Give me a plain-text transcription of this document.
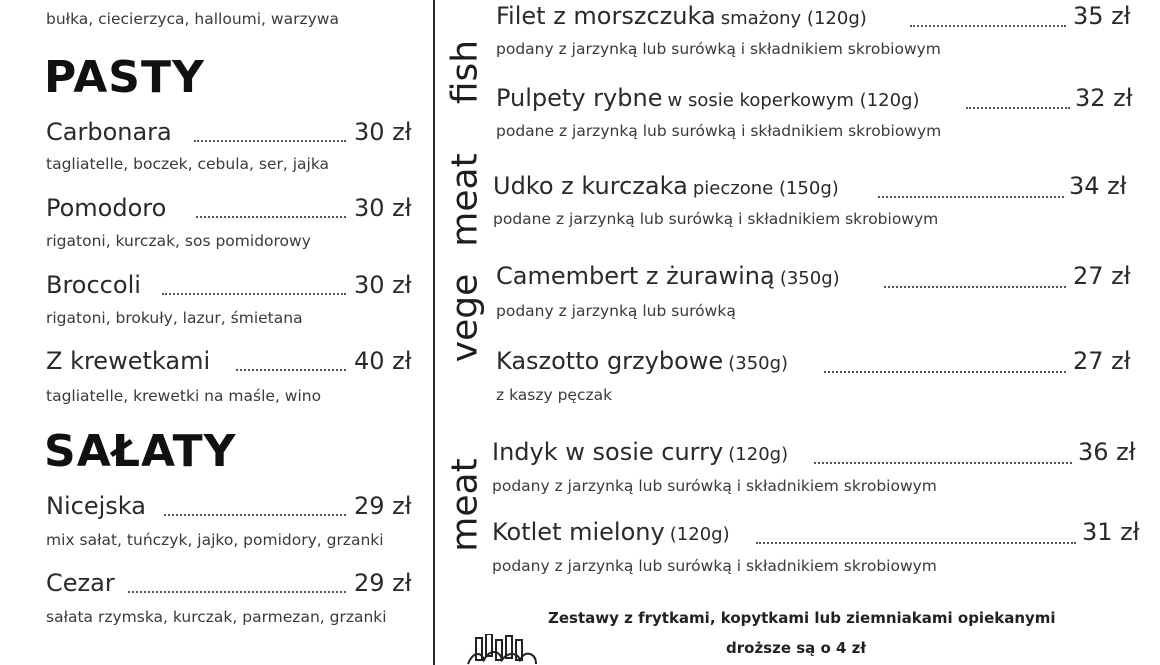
bułka, ciecierzyca, halloumi, warzywa
PASTY
Carbonara	30 zł
tagliatelle, boczek, cebula, ser, jajka
Pomodoro	30 zł
rigatoni, kurczak, sos pomidorowy
Broccoli	30 zł
rigatoni, brokuły, lazur, śmietana
Z krewetkami	40 zł
tagliatelle, krewetki na maśle, wino
SAŁATY
Nicejska	29 zł
mix sałat, tuńczyk, jajko, pomidory, grzanki
Cezar	29 zł
sałata rzymska, kurczak, parmezan, grzanki
fish
meat
vege
meat
Filet z morszczuka smażony (120g)	35 zł
podany z jarzynką lub surówką i składnikiem skrobiowym
Pulpety rybne w sosie koperkowym (120g)	32 zł
podane z jarzynką lub surówką i składnikiem skrobiowym
Udko z kurczaka pieczone (150g)	34 zł
podane z jarzynką lub surówką i składnikiem skrobiowym
Camembert z żurawiną (350g)	27 zł
podany z jarzynką lub surówką
Kaszotto grzybowe (350g)	27 zł
z kaszy pęczak
Indyk w sosie curry (120g)	36 zł
podany z jarzynką lub surówką i składnikiem skrobiowym
Kotlet mielony (120g)	31 zł
podany z jarzynką lub surówką i składnikiem skrobiowym
Zestawy z frytkami, kopytkami lub ziemniakami opiekanymi
droższe są o 4 zł
